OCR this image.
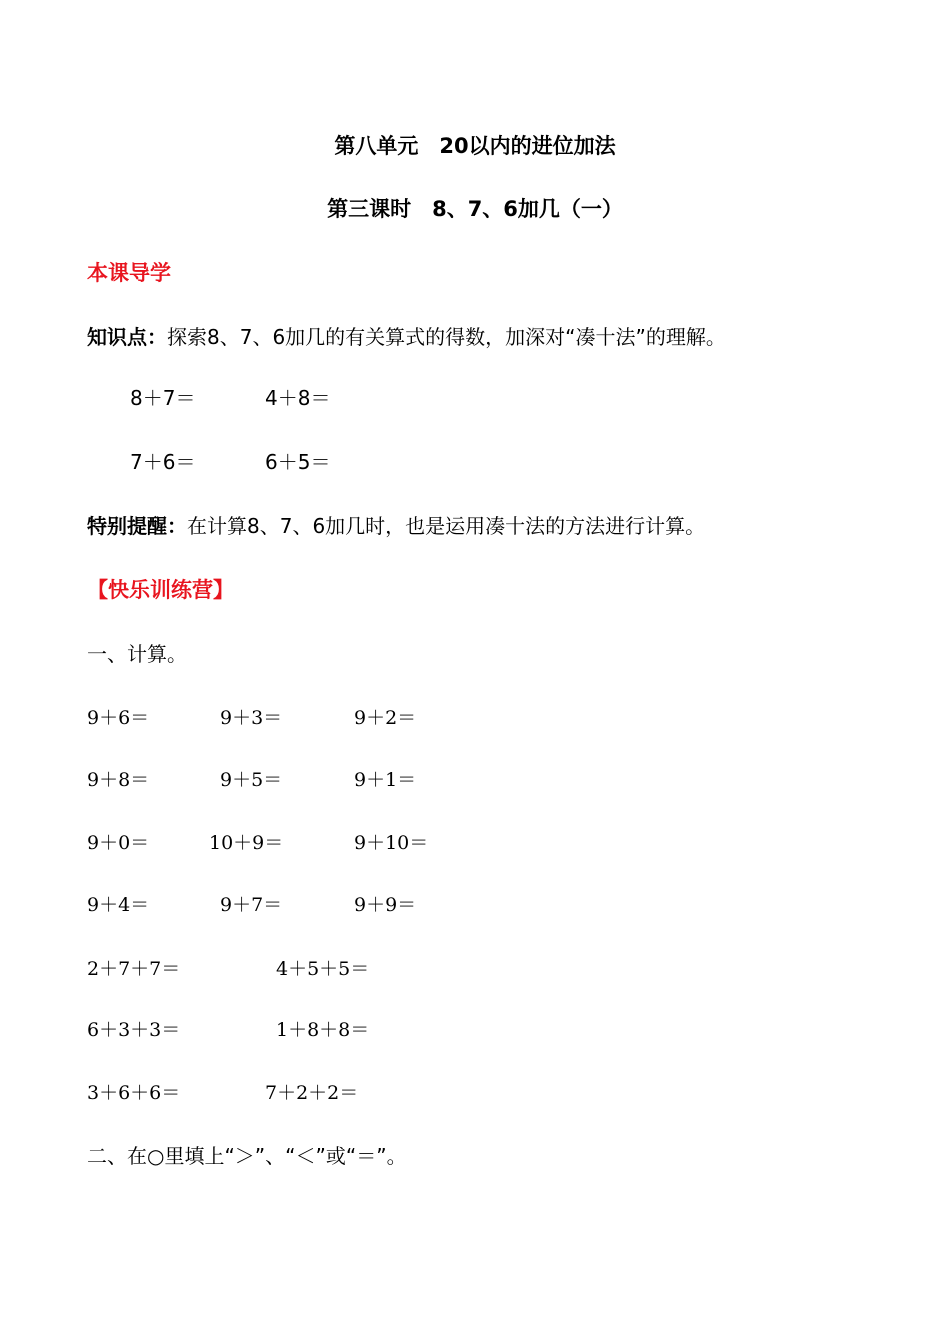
第八单元　20以内的进位加法
第三课时　8、7、6加几（一）
本课导学
知识点：探索8、7、6加几的有关算式的得数，加深对“凑十法”的理解。
8＋7＝	4＋8＝
7＋6＝	6＋5＝
特别提醒：在计算8、7、6加几时，也是运用凑十法的方法进行计算。
【快乐训练营】
一、计算。
9＋6＝	9＋3＝	9＋2＝
9＋8＝	9＋5＝	9＋1＝
9＋0＝	10＋9＝	9＋10＝
9＋4＝	9＋7＝	9＋9＝
2＋7＋7＝	4＋5＋5＝
6＋3＋3＝	1＋8＋8＝
3＋6＋6＝	7＋2＋2＝
二、在○里填上“＞”、“＜”或“＝”。
